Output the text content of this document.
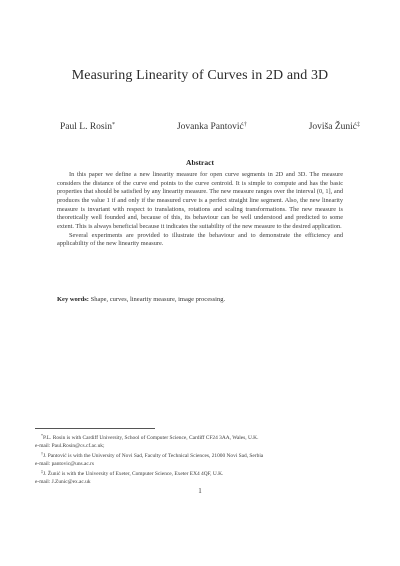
Measuring Linearity of Curves in 2D and 3D
Paul L. Rosin*	Jovanka Pantović†	Joviša Žunić‡
Abstract

In this paper we define a new linearity measure for open curve segments in 2D and 3D. The measure considers the distance of the curve end points to the curve centroid. It is simple to compute and has the basic properties that should be satisfied by any linearity measure. The new measure ranges over the interval (0, 1], and produces the value 1 if and only if the measured curve is a perfect straight line segment. Also, the new linearity measure is invariant with respect to translations, rotations and scaling transformations. The new measure is theoretically well founded and, because of this, its behaviour can be well understood and predicted to some extent. This is always beneficial because it indicates the suitability of the new measure to the desired application.

Several experiments are provided to illustrate the behaviour and to demonstrate the efficiency and applicability of the new linearity measure.

Key words: Shape, curves, linearity measure, image processing.
*P.L. Rosin is with Cardiff University, School of Computer Science, Cardiff CF24 3AA, Wales, U.K.
e-mail: Paul.Rosin@cs.cf.ac.uk;
†J. Pantović is with the University of Novi Sad, Faculty of Technical Sciences, 21000 Novi Sad, Serbia
e-mail: pantovic@uns.ac.rs
‡J. Žunić is with the University of Exeter, Computer Science, Exeter EX4 4QF, U.K.
e-mail: J.Zunic@ex.ac.uk
1
